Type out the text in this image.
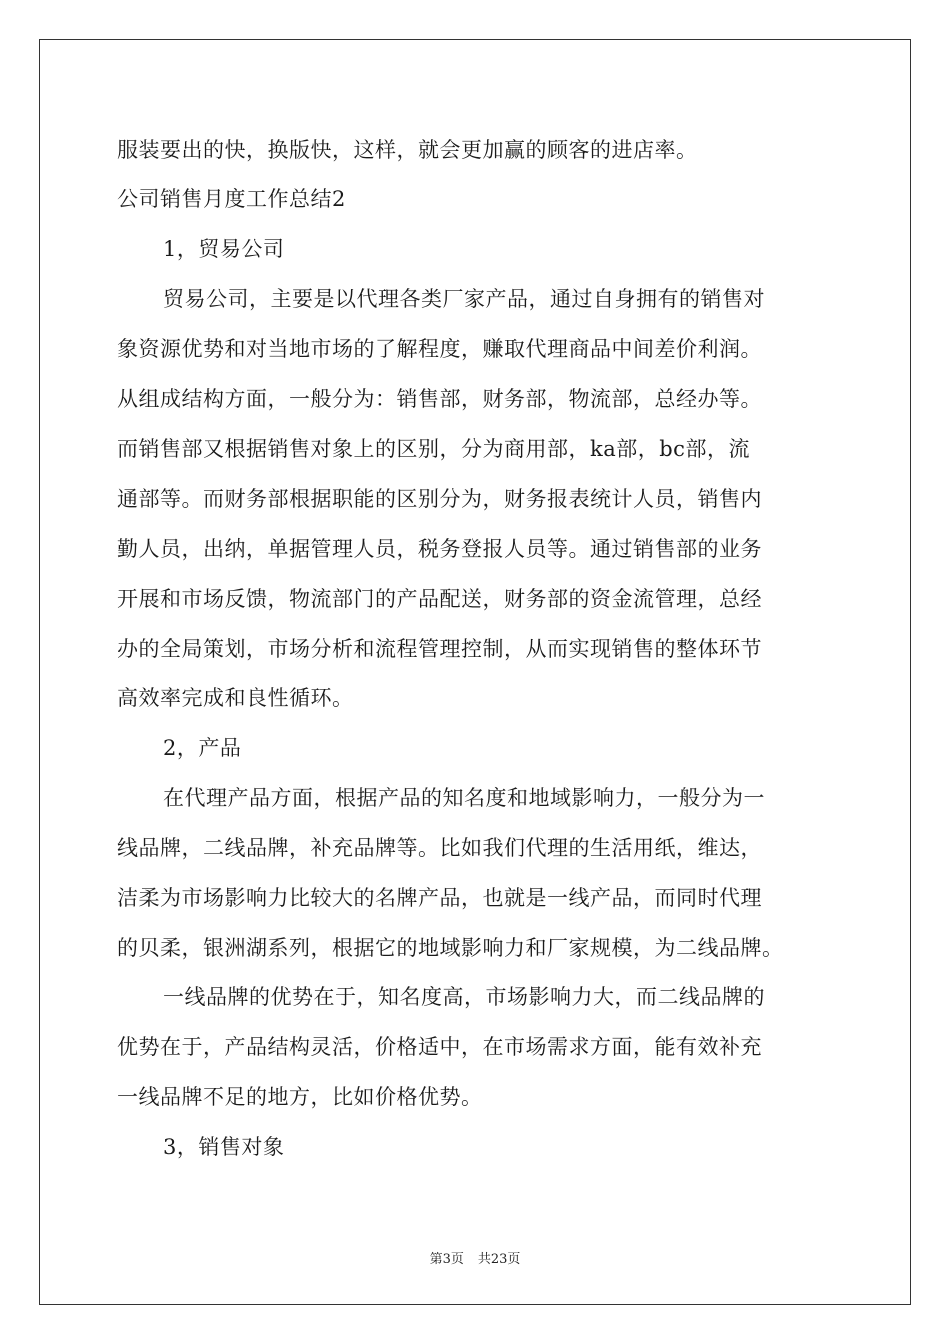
服装要出的快，换版快，这样，就会更加赢的顾客的进店率。
公司销售月度工作总结2
1，贸易公司
贸易公司，主要是以代理各类厂家产品，通过自身拥有的销售对
象资源优势和对当地市场的了解程度，赚取代理商品中间差价利润。
从组成结构方面，一般分为：销售部，财务部，物流部，总经办等。
而销售部又根据销售对象上的区别，分为商用部，ka部，bc部，流
通部等。而财务部根据职能的区别分为，财务报表统计人员，销售内
勤人员，出纳，单据管理人员，税务登报人员等。通过销售部的业务
开展和市场反馈，物流部门的产品配送，财务部的资金流管理，总经
办的全局策划，市场分析和流程管理控制，从而实现销售的整体环节
高效率完成和良性循环。
2，产品
在代理产品方面，根据产品的知名度和地域影响力，一般分为一
线品牌，二线品牌，补充品牌等。比如我们代理的生活用纸，维达，
洁柔为市场影响力比较大的名牌产品，也就是一线产品，而同时代理
的贝柔，银洲湖系列，根据它的地域影响力和厂家规模，为二线品牌。
一线品牌的优势在于，知名度高，市场影响力大，而二线品牌的
优势在于，产品结构灵活，价格适中，在市场需求方面，能有效补充
一线品牌不足的地方，比如价格优势。
3，销售对象
第3页 共23页
